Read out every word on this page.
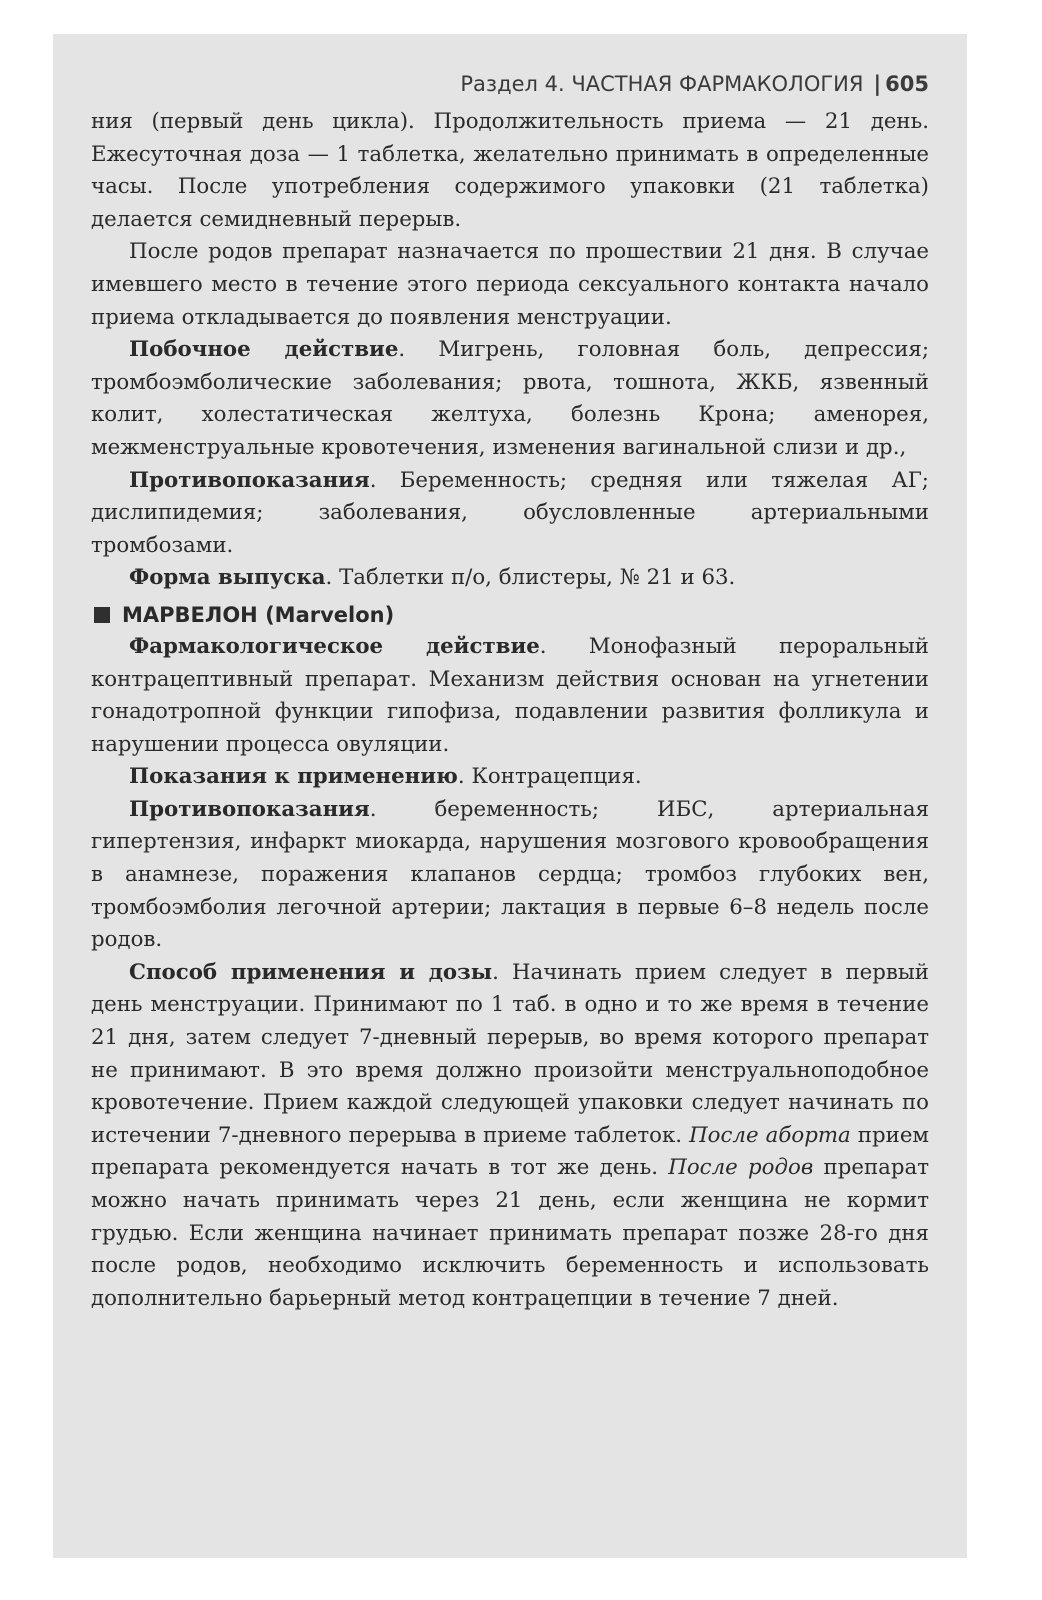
Раздел 4. ЧАСТНАЯ ФАРМАКОЛОГИЯ | 605

ния (первый день цикла). Продолжительность приема — 21 день. Ежесуточная доза — 1 таблетка, желательно принимать в определенные часы. После употребления содержимого упаковки (21 таблетка) делается семидневный перерыв.

После родов препарат назначается по прошествии 21 дня. В случае имевшего место в течение этого периода сексуального контакта начало приема откладывается до появления менструации.

Побочное действие. Мигрень, головная боль, депрессия; тромбоэмболические заболевания; рвота, тошнота, ЖКБ, язвенный колит, холестатическая желтуха, болезнь Крона; аменорея, межменструальные кровотечения, изменения вагинальной слизи и др.,

Противопоказания. Беременность; средняя или тяжелая АГ; дислипидемия; заболевания, обусловленные артериальными тромбозами.

Форма выпуска. Таблетки п/о, блистеры, № 21 и 63.

МАРВЕЛОН (Marvelon)

Фармакологическое действие. Монофазный пероральный контрацептивный препарат. Механизм действия основан на угнетении гонадотропной функции гипофиза, подавлении развития фолликула и нарушении процесса овуляции.

Показания к применению. Контрацепция.

Противопоказания. беременность; ИБС, артериальная гипертензия, инфаркт миокарда, нарушения мозгового кровообращения в анамнезе, поражения клапанов сердца; тромбоз глубоких вен, тромбоэмболия легочной артерии; лактация в первые 6–8 недель после родов.

Способ применения и дозы. Начинать прием следует в первый день менструации. Принимают по 1 таб. в одно и то же время в течение 21 дня, затем следует 7-дневный перерыв, во время которого препарат не принимают. В это время должно произойти менструальноподобное кровотечение. Прием каждой следующей упаковки следует начинать по истечении 7-дневного перерыва в приеме таблеток. После аборта прием препарата рекомендуется начать в тот же день. После родов препарат можно начать принимать через 21 день, если женщина не кормит грудью. Если женщина начинает принимать препарат позже 28-го дня после родов, необходимо исключить беременность и использовать дополнительно барьерный метод контрацепции в течение 7 дней.
